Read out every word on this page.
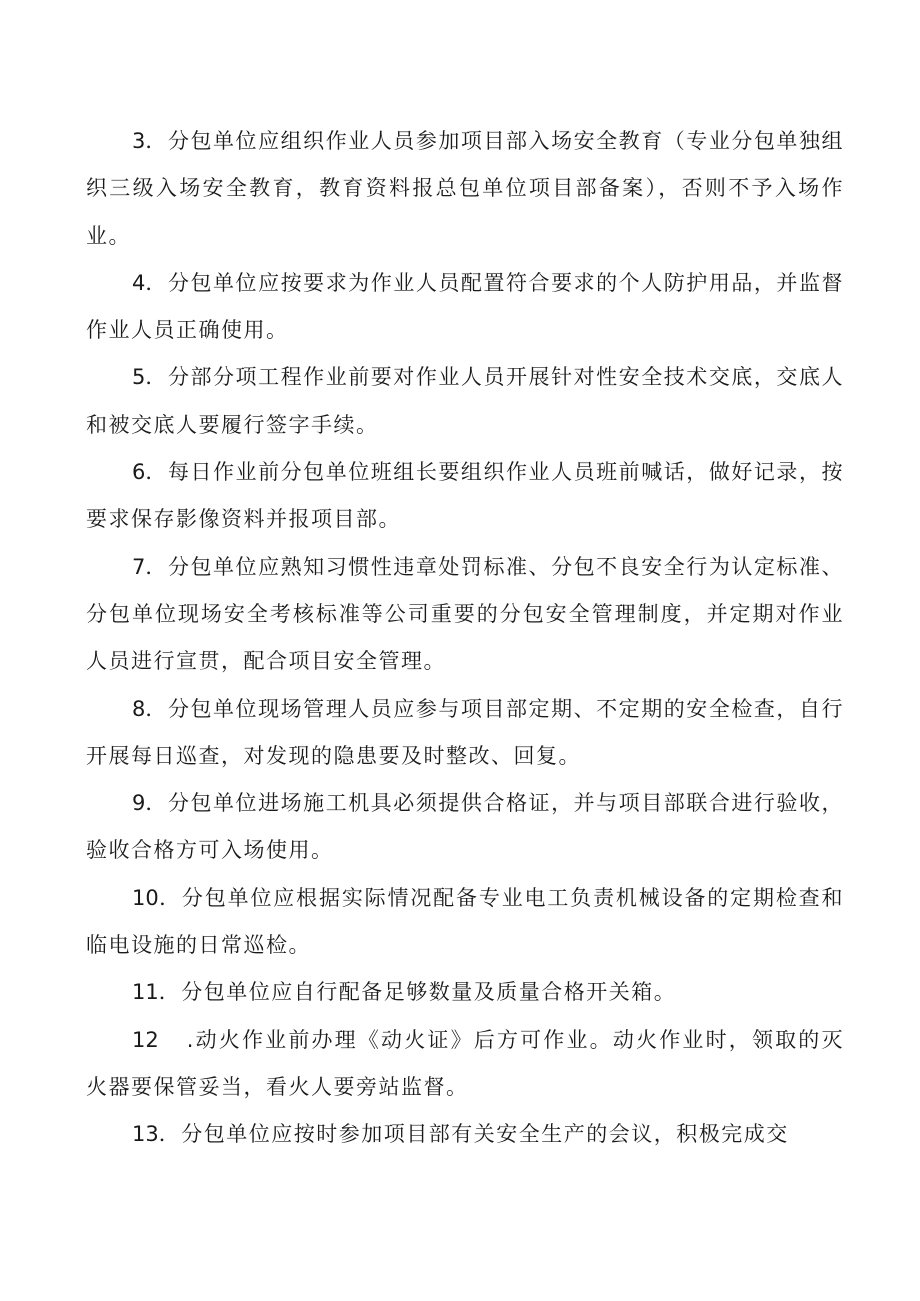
3．分包单位应组织作业人员参加项目部入场安全教育（专业分包单独组织三级入场安全教育，教育资料报总包单位项目部备案），否则不予入场作业。

4．分包单位应按要求为作业人员配置符合要求的个人防护用品，并监督作业人员正确使用。

5．分部分项工程作业前要对作业人员开展针对性安全技术交底，交底人和被交底人要履行签字手续。

6．每日作业前分包单位班组长要组织作业人员班前喊话，做好记录，按要求保存影像资料并报项目部。

7．分包单位应熟知习惯性违章处罚标准、分包不良安全行为认定标准、分包单位现场安全考核标准等公司重要的分包安全管理制度，并定期对作业人员进行宣贯，配合项目安全管理。

8．分包单位现场管理人员应参与项目部定期、不定期的安全检查，自行开展每日巡查，对发现的隐患要及时整改、回复。

9．分包单位进场施工机具必须提供合格证，并与项目部联合进行验收，验收合格方可入场使用。

10．分包单位应根据实际情况配备专业电工负责机械设备的定期检查和临电设施的日常巡检。

11．分包单位应自行配备足够数量及质量合格开关箱。

12 .动火作业前办理《动火证》后方可作业。动火作业时，领取的灭火器要保管妥当，看火人要旁站监督。

13．分包单位应按时参加项目部有关安全生产的会议，积极完成交
